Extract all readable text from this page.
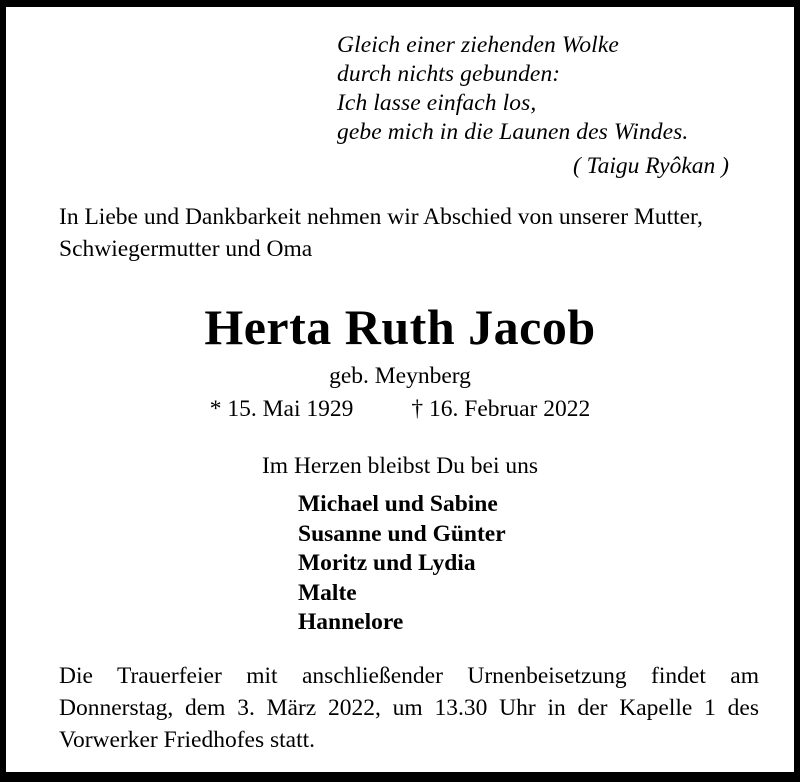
Gleich einer ziehenden Wolke
durch nichts gebunden:
Ich lasse einfach los,
gebe mich in die Launen des Windes.
( Taigu Ryôkan )
In Liebe und Dankbarkeit nehmen wir Abschied von unserer Mutter, Schwiegermutter und Oma
Herta Ruth Jacob
geb. Meynberg
* 15. Mai 1929 † 16. Februar 2022
Im Herzen bleibst Du bei uns
Michael und Sabine
Susanne und Günter
Moritz und Lydia
Malte
Hannelore
Die Trauerfeier mit anschließender Urnenbeisetzung findet am
Donnerstag, dem 3. März 2022, um 13.30 Uhr in der Kapelle 1 des
Vorwerker Friedhofes statt.
